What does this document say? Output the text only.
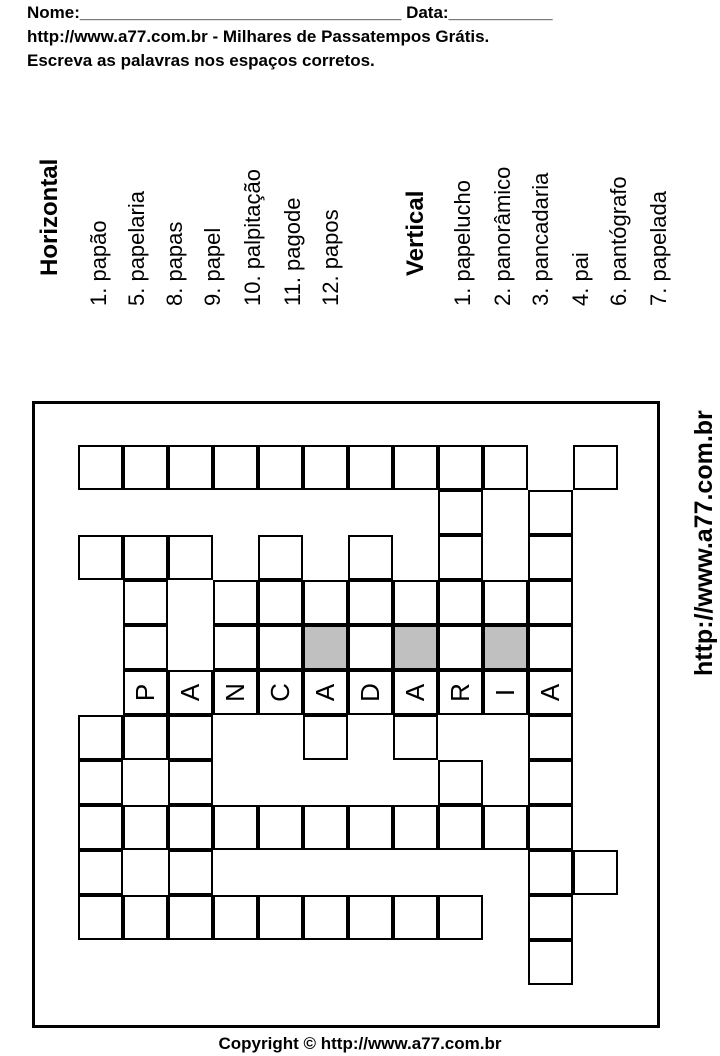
Nome:__________________________________ Data:___________
http://www.a77.com.br - Milhares de Passatempos Grátis.
Escreva as palavras nos espaços corretos.
Horizontal 1. papão 5. papelaria 8. papas 9. papel 10. palpitação 11. pagode 12. papos Vertical 1. papelucho 2. panorâmico 3. pancadaria 4. pai 6. pantógrafo 7. papelada
http://www.a77.com.br
P A N C A D A R I A
Copyright © http://www.a77.com.br
